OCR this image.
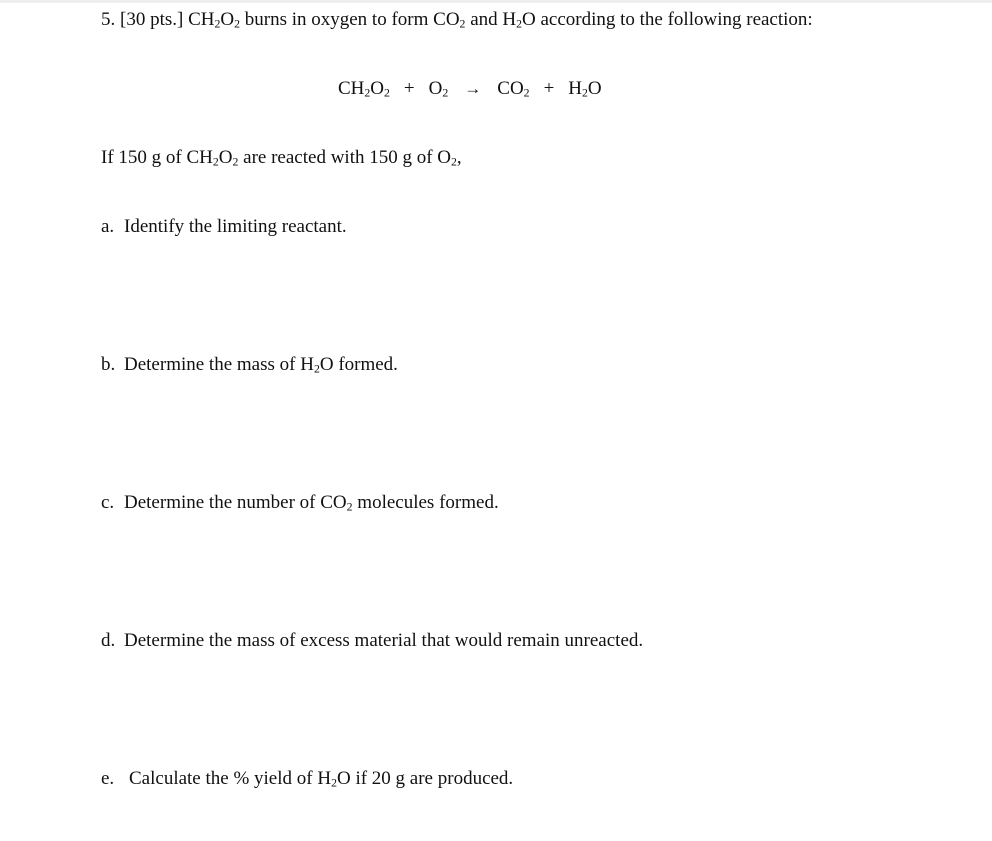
5. [30 pts.] $CH_2O_2$ burns in oxygen to form $CO_2$ and $H_2O$ according to the following reaction:
$CH_2O_2 + O_2 \to CO_2 + H_2O$
If 150 g of $CH_2O_2$ are reacted with 150 g of $O_2$,
a. Identify the limiting reactant.
b. Determine the mass of $H_2O$ formed.
c. Determine the number of $CO_2$ molecules formed.
d. Determine the mass of excess material that would remain unreacted.
e. Calculate the % yield of $H_2O$ if 20 g are produced.
